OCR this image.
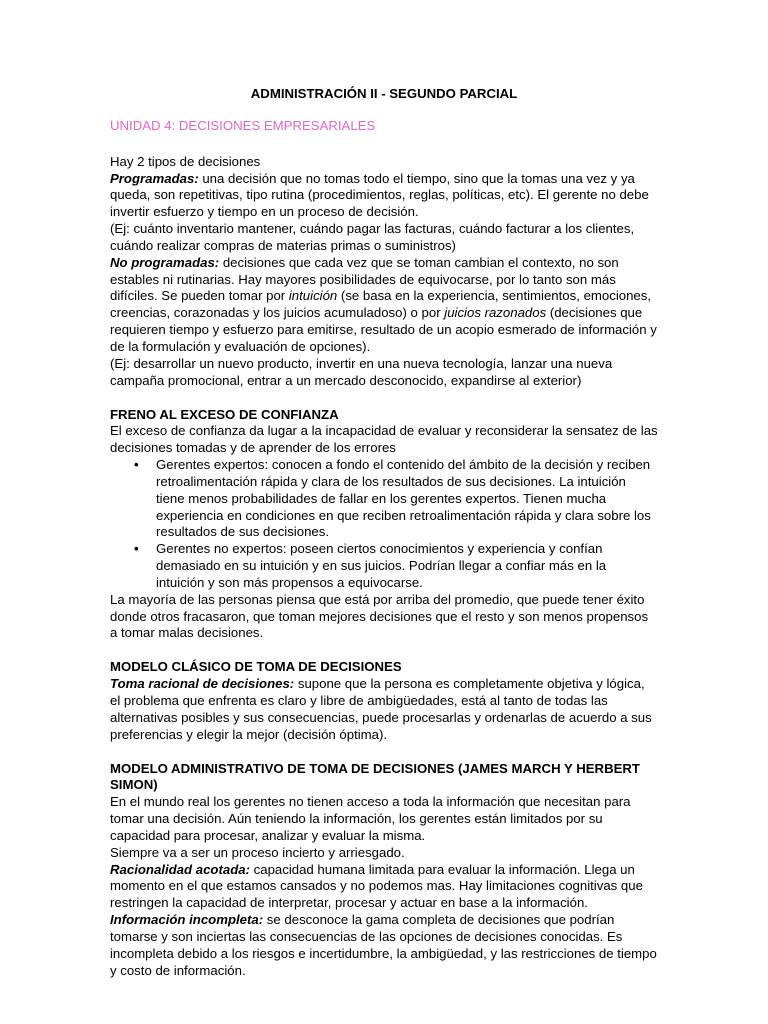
ADMINISTRACIÓN II - SEGUNDO PARCIAL
UNIDAD 4: DECISIONES EMPRESARIALES

Hay 2 tipos de decisiones

Programadas: una decisión que no tomas todo el tiempo, sino que la tomas una vez y ya queda, son repetitivas, tipo rutina (procedimientos, reglas, políticas, etc). El gerente no debe invertir esfuerzo y tiempo en un proceso de decisión.

(Ej: cuánto inventario mantener, cuándo pagar las facturas, cuándo facturar a los clientes, cuándo realizar compras de materias primas o suministros)

No programadas: decisiones que cada vez que se toman cambian el contexto, no son estables ni rutinarias. Hay mayores posibilidades de equivocarse, por lo tanto son más difíciles. Se pueden tomar por intuición (se basa en la experiencia, sentimientos, emociones, creencias, corazonadas y los juicios acumuladoso) o por juicios razonados (decisiones que requieren tiempo y esfuerzo para emitirse, resultado de un acopio esmerado de información y de la formulación y evaluación de opciones).

(Ej: desarrollar un nuevo producto, invertir en una nueva tecnología, lanzar una nueva campaña promocional, entrar a un mercado desconocido, expandirse al exterior)

FRENO AL EXCESO DE CONFIANZA

El exceso de confianza da lugar a la incapacidad de evaluar y reconsiderar la sensatez de las decisiones tomadas y de aprender de los errores

• Gerentes expertos: conocen a fondo el contenido del ámbito de la decisión y reciben retroalimentación rápida y clara de los resultados de sus decisiones. La intuición tiene menos probabilidades de fallar en los gerentes expertos. Tienen mucha experiencia en condiciones en que reciben retroalimentación rápida y clara sobre los resultados de sus decisiones.
• Gerentes no expertos: poseen ciertos conocimientos y experiencia y confían demasiado en su intuición y en sus juicios. Podrían llegar a confiar más en la intuición y son más propensos a equivocarse.

La mayoría de las personas piensa que está por arriba del promedio, que puede tener éxito donde otros fracasaron, que toman mejores decisiones que el resto y son menos propensos a tomar malas decisiones.

MODELO CLÁSICO DE TOMA DE DECISIONES

Toma racional de decisiones: supone que la persona es completamente objetiva y lógica, el problema que enfrenta es claro y libre de ambigüedades, está al tanto de todas las alternativas posibles y sus consecuencias, puede procesarlas y ordenarlas de acuerdo a sus preferencias y elegir la mejor (decisión óptima).

MODELO ADMINISTRATIVO DE TOMA DE DECISIONES (JAMES MARCH Y HERBERT SIMON)

En el mundo real los gerentes no tienen acceso a toda la información que necesitan para tomar una decisión. Aún teniendo la información, los gerentes están limitados por su capacidad para procesar, analizar y evaluar la misma.

Siempre va a ser un proceso incierto y arriesgado.

Racionalidad acotada: capacidad humana limitada para evaluar la información. Llega un momento en el que estamos cansados y no podemos mas. Hay limitaciones cognitivas que restringen la capacidad de interpretar, procesar y actuar en base a la información.

Información incompleta: se desconoce la gama completa de decisiones que podrían tomarse y son inciertas las consecuencias de las opciones de decisiones conocidas. Es incompleta debido a los riesgos e incertidumbre, la ambigüedad, y las restricciones de tiempo y costo de información.
